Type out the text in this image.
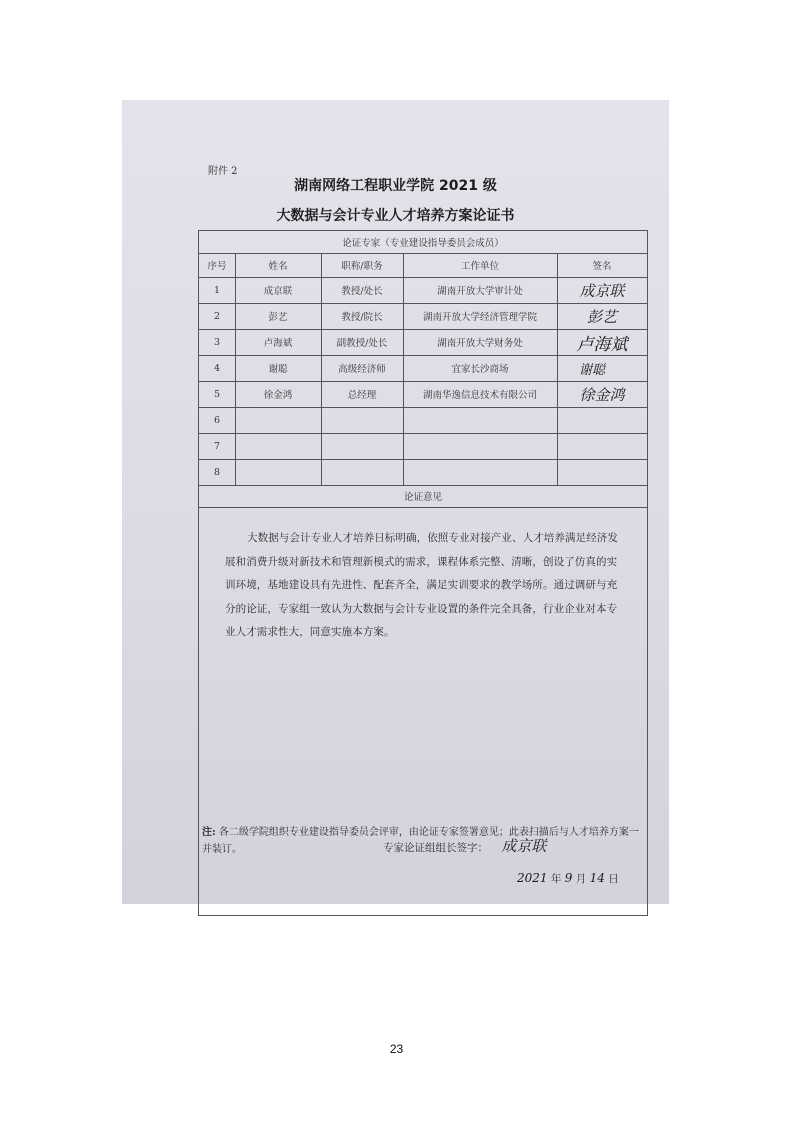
附件 2
湖南网络工程职业学院 2021 级
大数据与会计专业人才培养方案论证书
论证专家（专业建设指导委员会成员）
序号	姓名	职称/职务	工作单位	签名
1	成京联	教授/处长	湖南开放大学审计处	成京联
2	彭艺	教授/院长	湖南开放大学经济管理学院	彭艺
3	卢海斌	副教授/处长	湖南开放大学财务处	卢海斌
4	谢聪	高级经济师	宜家长沙商场	谢聪
5	徐金鸿	总经理	湖南华逸信息技术有限公司	徐金鸿
6
7
8
论证意见
大数据与会计专业人才培养日标明确，依照专业对接产业、人才培养满足经济发展和消费升级对新技术和管理新模式的需求，课程体系完整、清晰，创设了仿真的实训环境，基地建设具有先进性、配套齐全，满足实训要求的教学场所。通过调研与充分的论证，专家组一致认为大数据与会计专业设置的条件完全具备，行业企业对本专业人才需求性大，同意实施本方案。
专家论证组组长签字： 成京联
2021 年 9 月 14 日
注: 各二级学院组织专业建设指导委员会评审，由论证专家签署意见；此表扫描后与人才培养方案一并装订。
23
